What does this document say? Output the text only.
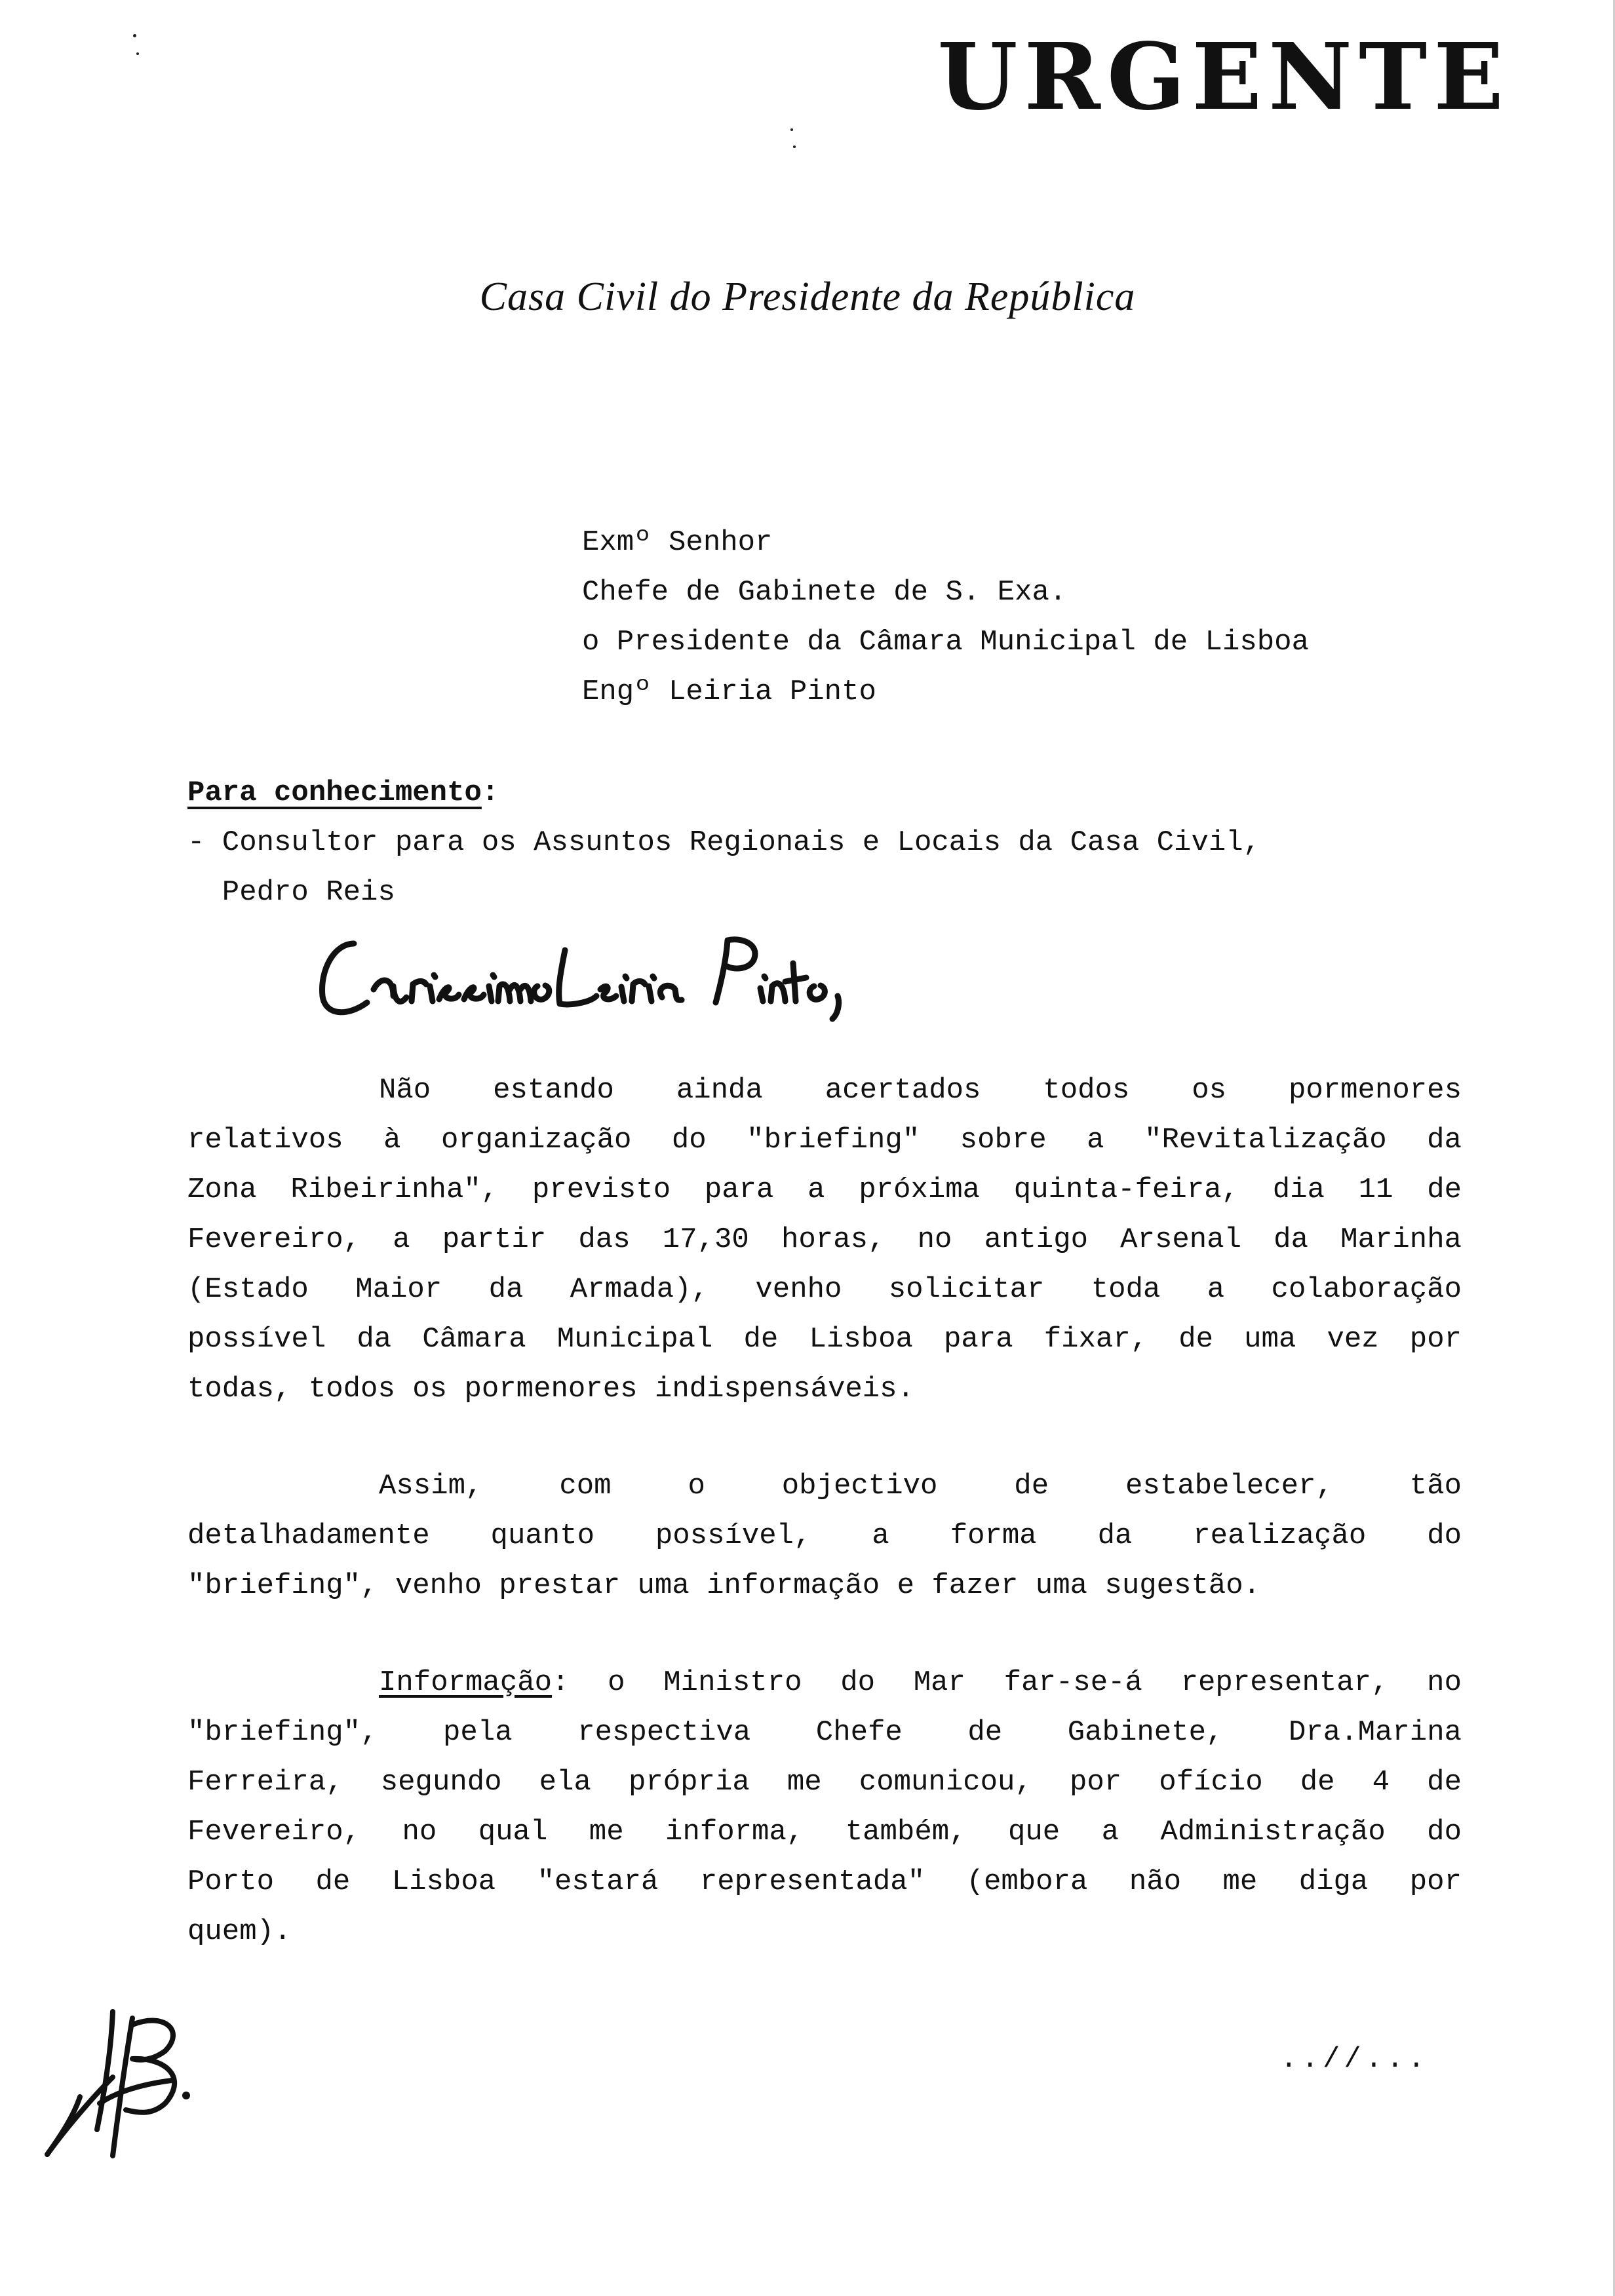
URGENTE
Casa Civil do Presidente da República
Exmº Senhor
Chefe de Gabinete de S. Exa.
o Presidente da Câmara Municipal de Lisboa
Engº Leiria Pinto
Para conhecimento:
- Consultor para os Assuntos Regionais e Locais da Casa Civil,
Pedro Reis
Não estando ainda acertados todos os pormenores
relativos à organização do "briefing" sobre a "Revitalização da
Zona Ribeirinha", previsto para a próxima quinta-feira, dia 11 de
Fevereiro, a partir das 17,30 horas, no antigo Arsenal da Marinha
(Estado Maior da Armada), venho solicitar toda a colaboração
possível da Câmara Municipal de Lisboa para fixar, de uma vez por
todas, todos os pormenores indispensáveis.
Assim, com o objectivo de estabelecer, tão
detalhadamente quanto possível, a forma da realização do
"briefing", venho prestar uma informação e fazer uma sugestão.
Informação: o Ministro do Mar far-se-á representar, no
"briefing", pela respectiva Chefe de Gabinete, Dra.Marina
Ferreira, segundo ela própria me comunicou, por ofício de 4 de
Fevereiro, no qual me informa, também, que a Administração do
Porto de Lisboa "estará representada" (embora não me diga por
quem).
..//...
